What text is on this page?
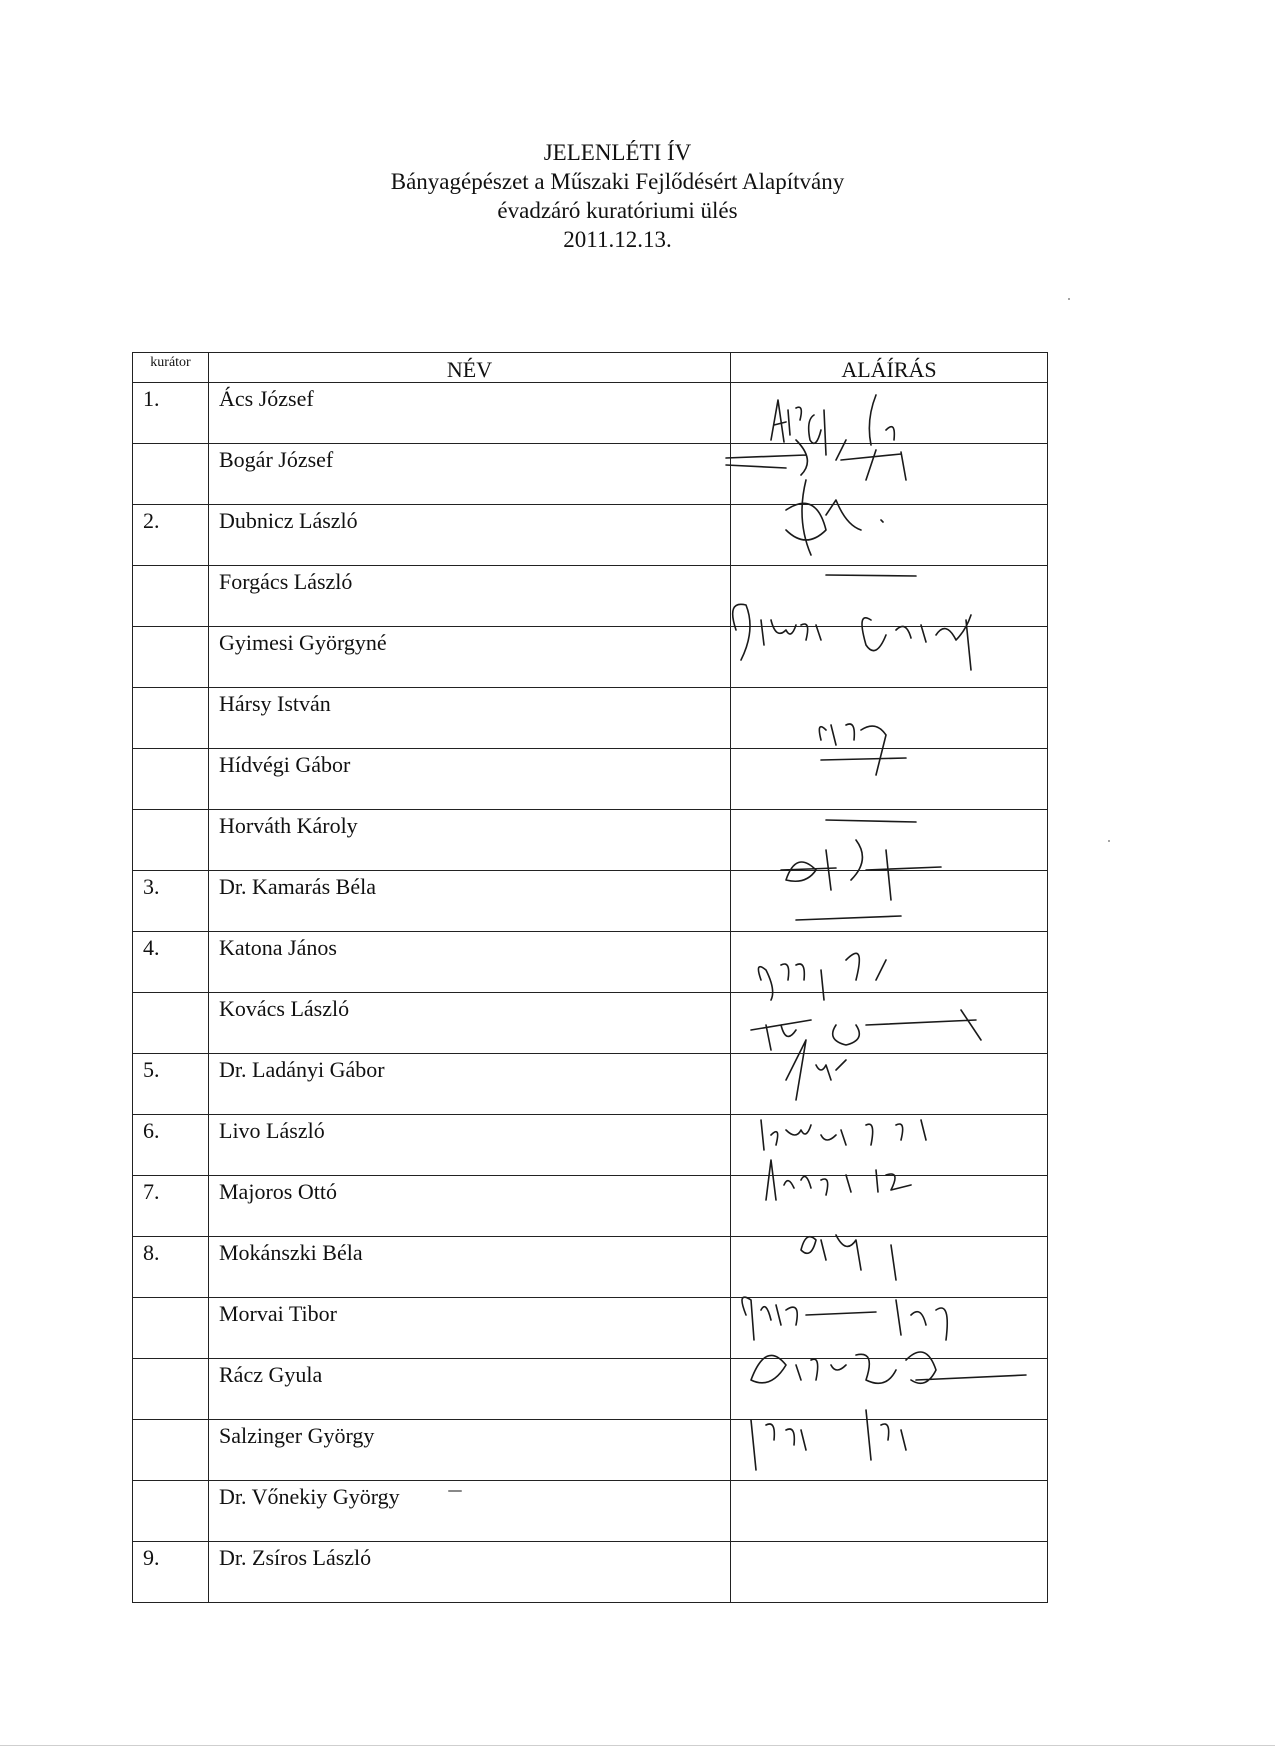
JELENLÉTI ÍV
Bányagépészet a Műszaki Fejlődésért Alapítvány
évadzáró kuratóriumi ülés
2011.12.13.
kurátor	NÉV	ALÁÍRÁS
1.	Ács József	
	Bogár József	
2.	Dubnicz László	
	Forgács László	
	Gyimesi Györgyné	
	Hársy István	
	Hídvégi Gábor	
	Horváth Károly	
3.	Dr. Kamarás Béla	
4.	Katona János	
	Kovács László	
5.	Dr. Ladányi Gábor	
6.	Livo László	
7.	Majoros Ottó	
8.	Mokánszki Béla	
	Morvai Tibor	
	Rácz Gyula	
	Salzinger György	
	Dr. Vőnekiy György	
9.	Dr. Zsíros László	
